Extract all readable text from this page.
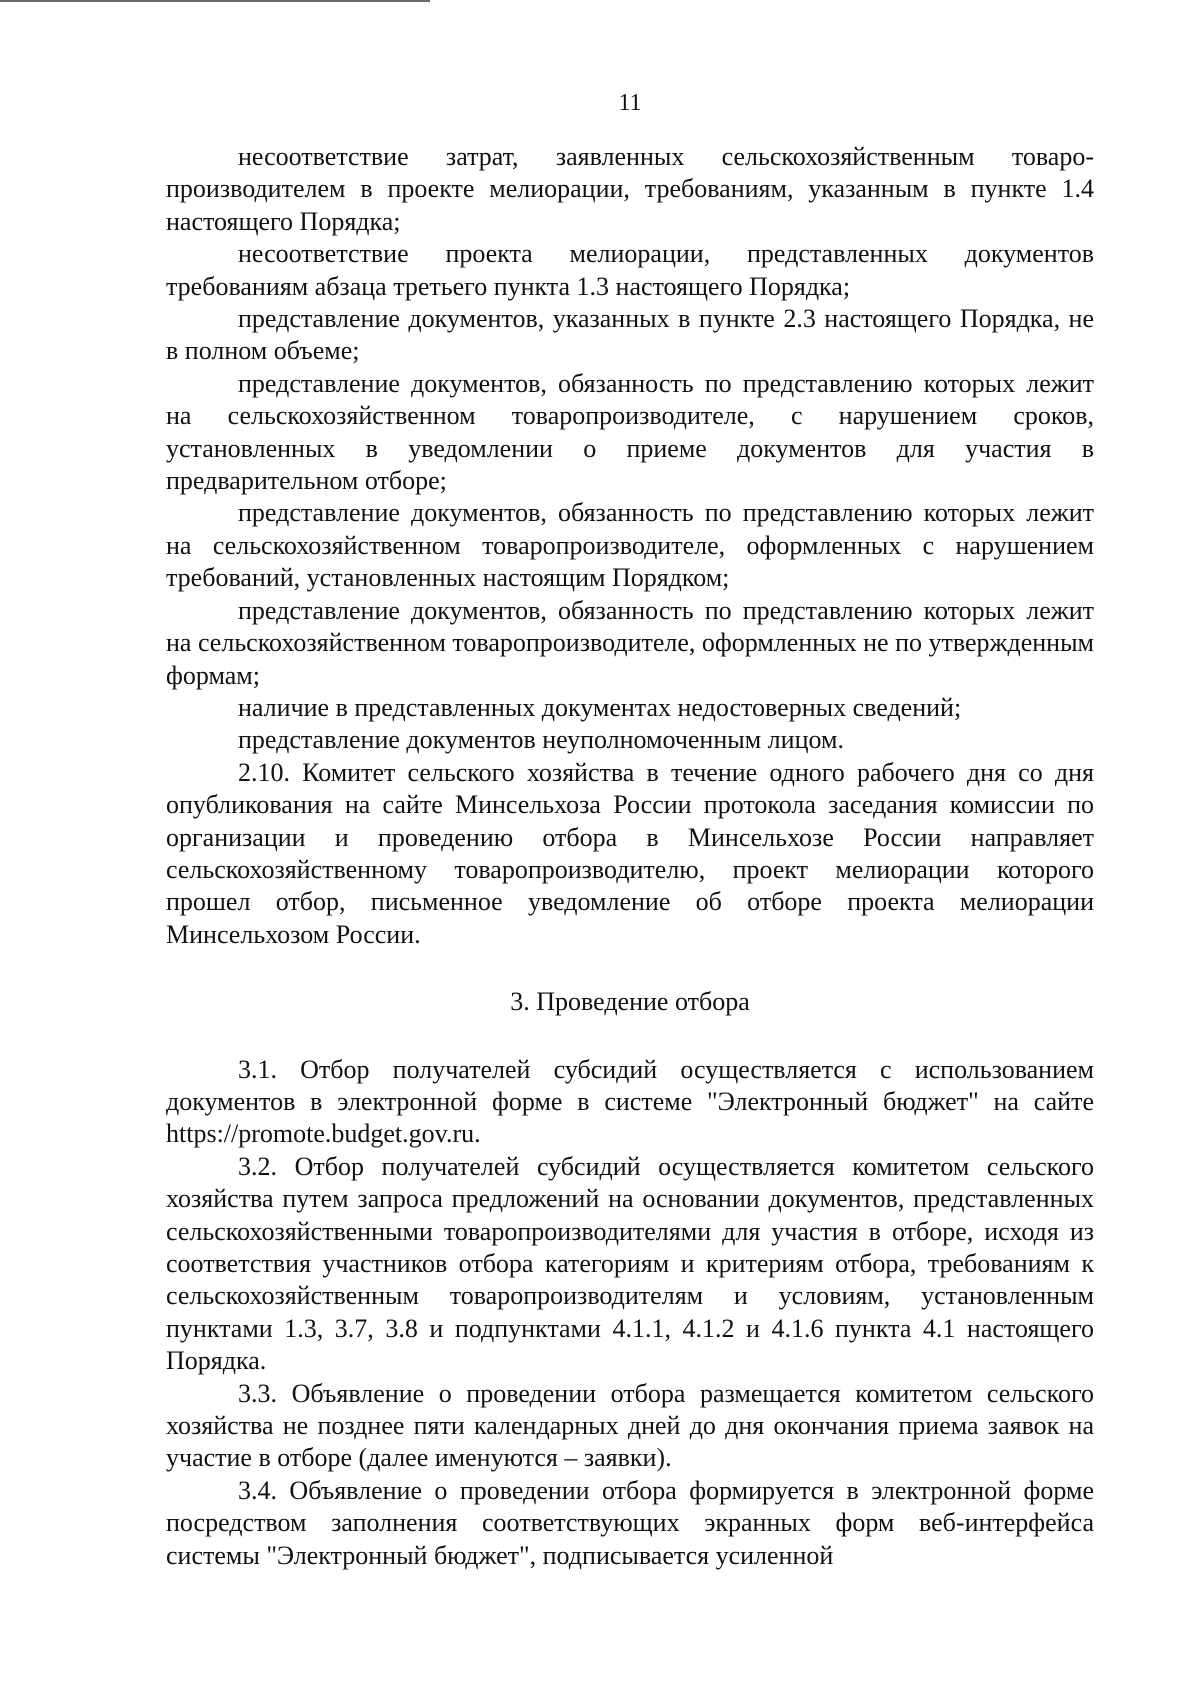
11

несоответствие затрат, заявленных сельскохозяйственным товаропроизводителем в проекте мелиорации, требованиям, указанным в пункте 1.4 настоящего Порядка;

несоответствие проекта мелиорации, представленных документов требованиям абзаца третьего пункта 1.3 настоящего Порядка;

представление документов, указанных в пункте 2.3 настоящего Порядка, не в полном объеме;

представление документов, обязанность по представлению которых лежит на сельскохозяйственном товаропроизводителе, с нарушением сроков, установленных в уведомлении о приеме документов для участия в предварительном отборе;

представление документов, обязанность по представлению которых лежит на сельскохозяйственном товаропроизводителе, оформленных с нарушением требований, установленных настоящим Порядком;

представление документов, обязанность по представлению которых лежит на сельскохозяйственном товаропроизводителе, оформленных не по утвержденным формам;

наличие в представленных документах недостоверных сведений;

представление документов неуполномоченным лицом.

2.10. Комитет сельского хозяйства в течение одного рабочего дня со дня опубликования на сайте Минсельхоза России протокола заседания комиссии по организации и проведению отбора в Минсельхозе России направляет сельскохозяйственному товаропроизводителю, проект мелиорации которого прошел отбор, письменное уведомление об отборе проекта мелиорации Минсельхозом России.

3. Проведение отбора

3.1. Отбор получателей субсидий осуществляется с использованием документов в электронной форме в системе "Электронный бюджет" на сайте https://promote.budget.gov.ru.

3.2. Отбор получателей субсидий осуществляется комитетом сельского хозяйства путем запроса предложений на основании документов, представленных сельскохозяйственными товаропроизводителями для участия в отборе, исходя из соответствия участников отбора категориям и критериям отбора, требованиям к сельскохозяйственным товаропроизводителям и условиям, установленным пунктами 1.3, 3.7, 3.8 и подпунктами 4.1.1, 4.1.2 и 4.1.6 пункта 4.1 настоящего Порядка.

3.3. Объявление о проведении отбора размещается комитетом сельского хозяйства не позднее пяти календарных дней до дня окончания приема заявок на участие в отборе (далее именуются – заявки).

3.4. Объявление о проведении отбора формируется в электронной форме посредством заполнения соответствующих экранных форм веб-интерфейса системы "Электронный бюджет", подписывается усиленной
